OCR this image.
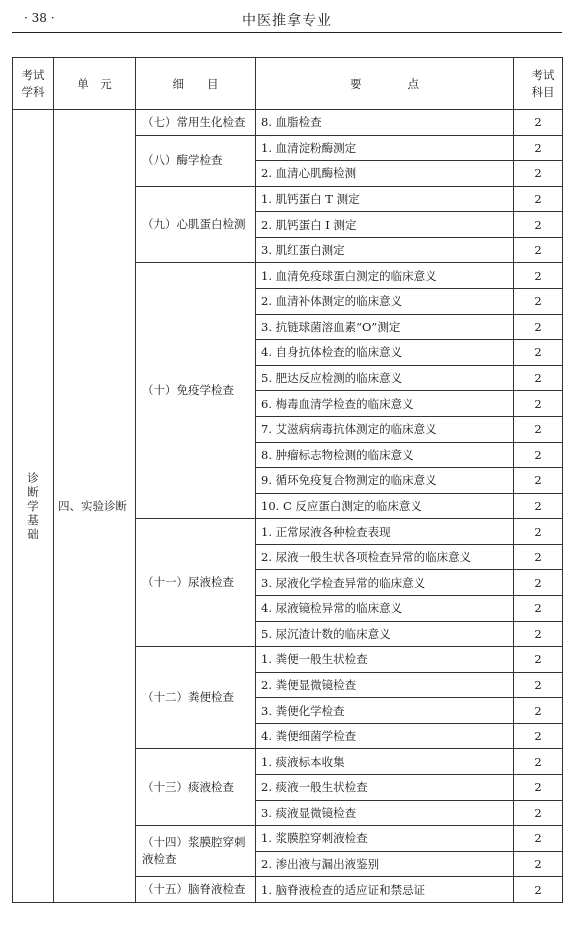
· 38 ·	中医推拿专业
考试学科	单　元	细　　目	要　　　　点	考试科目

诊断学基础	四、实验诊断	（七）常用生化检查	8. 血脂检查	2
		（八）酶学检查	1. 血清淀粉酶测定	2
			2. 血清心肌酶检测	2
		（九）心肌蛋白检测	1. 肌钙蛋白 T 测定	2
			2. 肌钙蛋白 I 测定	2
			3. 肌红蛋白测定	2
		（十）免疫学检查	1. 血清免疫球蛋白测定的临床意义	2
			2. 血清补体测定的临床意义	2
			3. 抗链球菌溶血素“O”测定	2
			4. 自身抗体检查的临床意义	2
			5. 肥达反应检测的临床意义	2
			6. 梅毒血清学检查的临床意义	2
			7. 艾滋病病毒抗体测定的临床意义	2
			8. 肿瘤标志物检测的临床意义	2
			9. 循环免疫复合物测定的临床意义	2
			10. C 反应蛋白测定的临床意义	2
		（十一）尿液检查	1. 正常尿液各种检查表现	2
			2. 尿液一般生状各项检查异常的临床意义	2
			3. 尿液化学检查异常的临床意义	2
			4. 尿液镜检异常的临床意义	2
			5. 尿沉渣计数的临床意义	2
		（十二）粪便检查	1. 粪便一般生状检查	2
			2. 粪便显微镜检查	2
			3. 粪便化学检查	2
			4. 粪便细菌学检查	2
		（十三）痰液检查	1. 痰液标本收集	2
			2. 痰液一般生状检查	2
			3. 痰液显微镜检查	2
		（十四）浆膜腔穿刺液检查	1. 浆膜腔穿刺液检查	2
			2. 渗出液与漏出液鉴别	2
		（十五）脑脊液检查	1. 脑脊液检查的适应证和禁忌证	2
